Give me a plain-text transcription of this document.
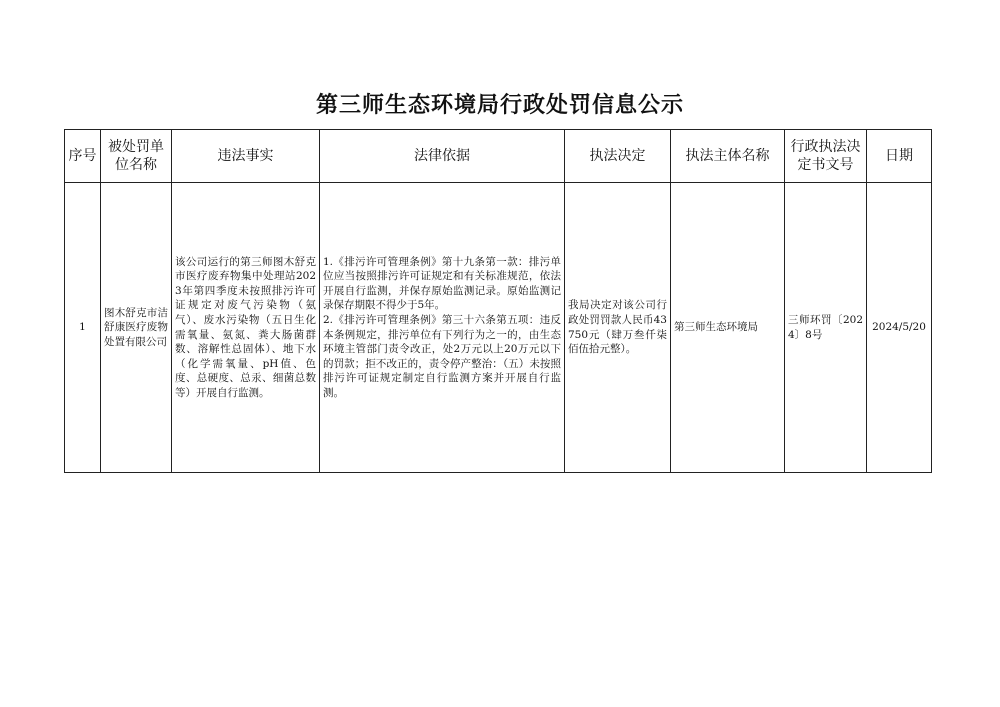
第三师生态环境局行政处罚信息公示
序号	被处罚单位名称	违法事实	法律依据	执法决定	执法主体名称	行政执法决定书文号	日期
1	图木舒克市洁舒康医疗废物处置有限公司	该公司运行的第三师图木舒克市医疗废弃物集中处理站2023年第四季度未按照排污许可证规定对废气污染物（氨气）、废水污染物（五日生化需氧量、氨氮、粪大肠菌群数、溶解性总固体）、地下水（化学需氧量、pH值、色度、总硬度、总汞、细菌总数等）开展自行监测。	1.《排污许可管理条例》第十九条第一款：排污单位应当按照排污许可证规定和有关标准规范，依法开展自行监测，并保存原始监测记录。原始监测记录保存期限不得少于5年。

2.《排污许可管理条例》第三十六条第五项：违反本条例规定，排污单位有下列行为之一的，由生态环境主管部门责令改正，处2万元以上20万元以下的罚款；拒不改正的，责令停产整治：（五）未按照排污许可证规定制定自行监测方案并开展自行监测。	我局决定对该公司行政处罚罚款人民币43750元（肆万叁仟柒佰伍拾元整）。	第三师生态环境局	三师环罚〔2024〕8号	2024/5/20
